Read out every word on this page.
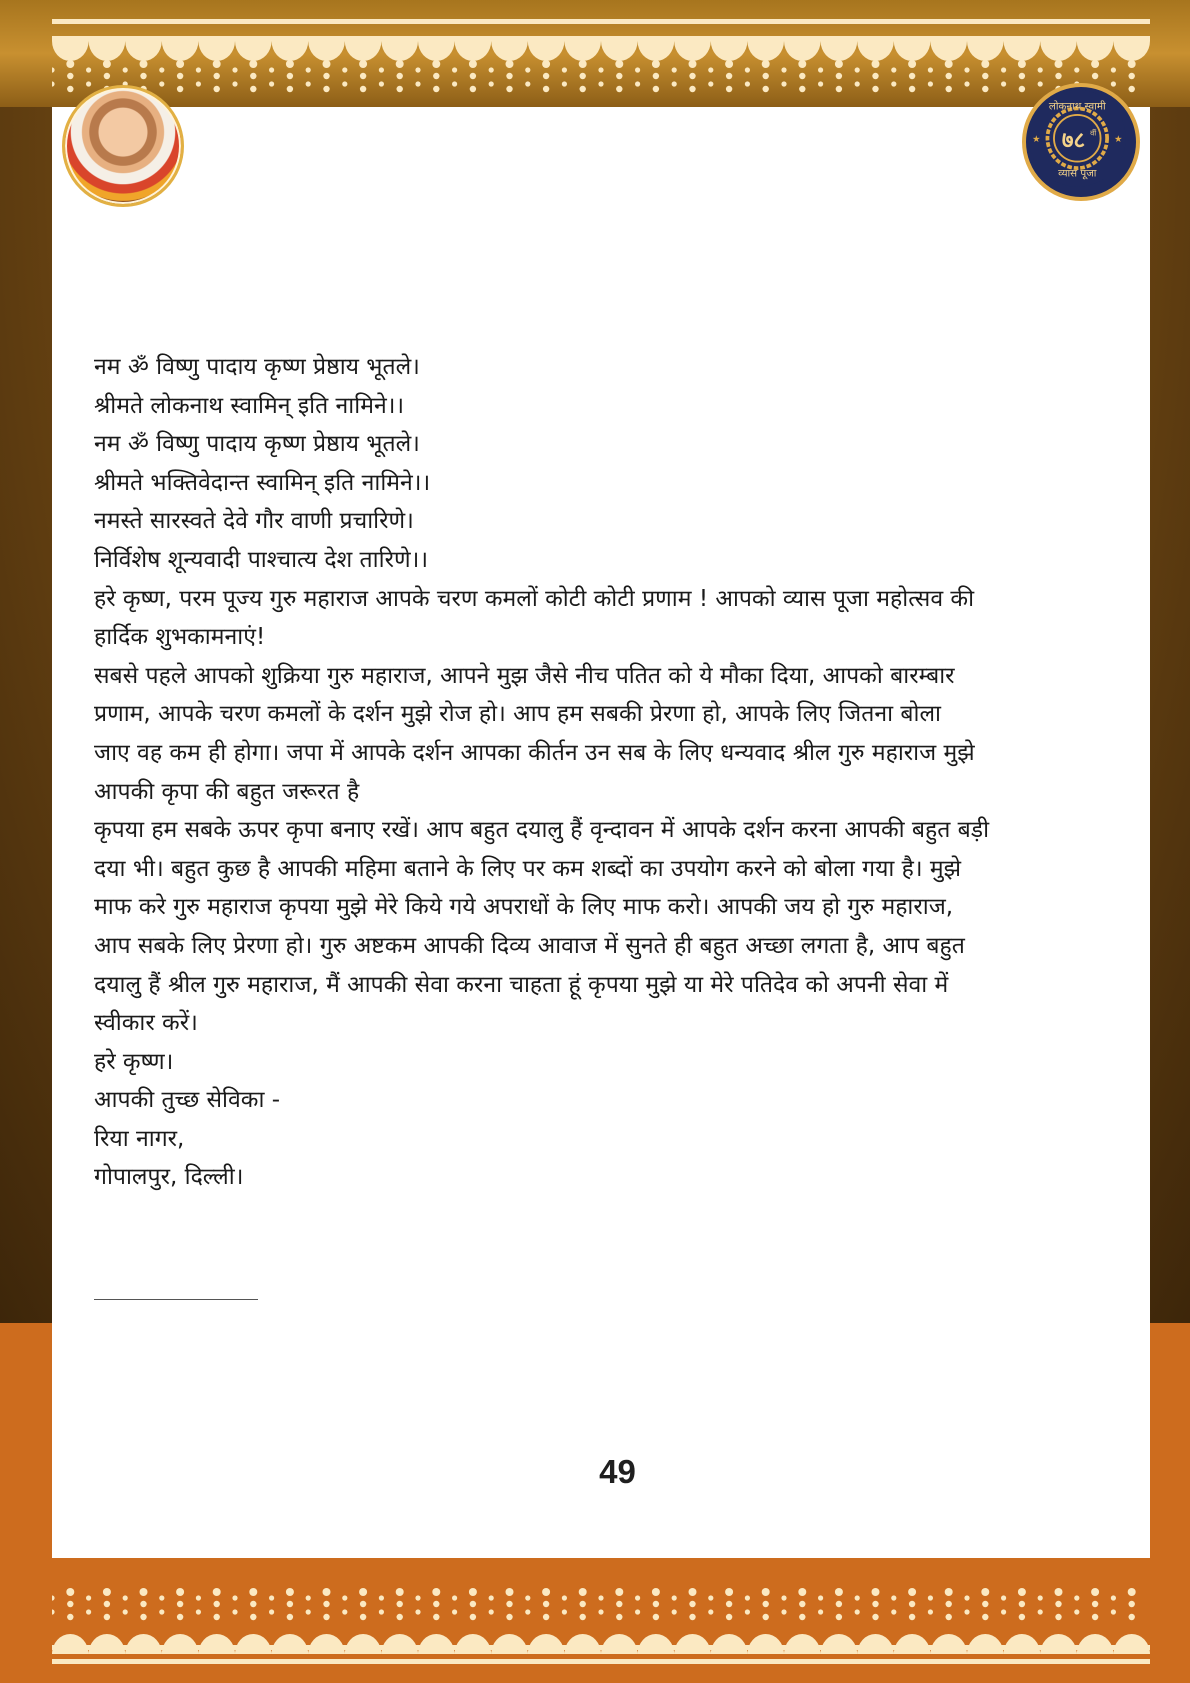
लोकनाथ स्वामी
७८ वीं
व्यास पूजा
★	★

नम ॐ विष्णु पादाय कृष्ण प्रेष्ठाय भूतले।

श्रीमते लोकनाथ स्वामिन् इति नामिने।।

नम ॐ विष्णु पादाय कृष्ण प्रेष्ठाय भूतले।

श्रीमते भक्तिवेदान्त स्वामिन् इति नामिने।।

नमस्ते सारस्वते देवे गौर वाणी प्रचारिणे।

निर्विशेष शून्यवादी पाश्चात्य देश तारिणे।।

हरे कृष्ण, परम पूज्य गुरु महाराज आपके चरण कमलों कोटी कोटी प्रणाम ! आपको व्यास पूजा महोत्सव की

हार्दिक शुभकामनाएं!

सबसे पहले आपको शुक्रिया गुरु महाराज, आपने मुझ जैसे नीच पतित को ये मौका दिया, आपको बारम्बार

प्रणाम, आपके चरण कमलों के दर्शन मुझे रोज हो। आप हम सबकी प्रेरणा हो, आपके लिए जितना बोला

जाए वह कम ही होगा। जपा में आपके दर्शन आपका कीर्तन उन सब के लिए धन्यवाद श्रील गुरु महाराज मुझे

आपकी कृपा की बहुत जरूरत है

कृपया हम सबके ऊपर कृपा बनाए रखें। आप बहुत दयालु हैं वृन्दावन में आपके दर्शन करना आपकी बहुत बड़ी

दया भी। बहुत कुछ है आपकी महिमा बताने के लिए पर कम शब्दों का उपयोग करने को बोला गया है। मुझे

माफ करे गुरु महाराज कृपया मुझे मेरे किये गये अपराधों के लिए माफ करो। आपकी जय हो गुरु महाराज,

आप सबके लिए प्रेरणा हो। गुरु अष्टकम आपकी दिव्य आवाज में सुनते ही बहुत अच्छा लगता है, आप बहुत

दयालु हैं श्रील गुरु महाराज, मैं आपकी सेवा करना चाहता हूं कृपया मुझे या मेरे पतिदेव को अपनी सेवा में

स्वीकार करें।

हरे कृष्ण।

आपकी तुच्छ सेविका -

रिया नागर,

गोपालपुर, दिल्ली।

49
